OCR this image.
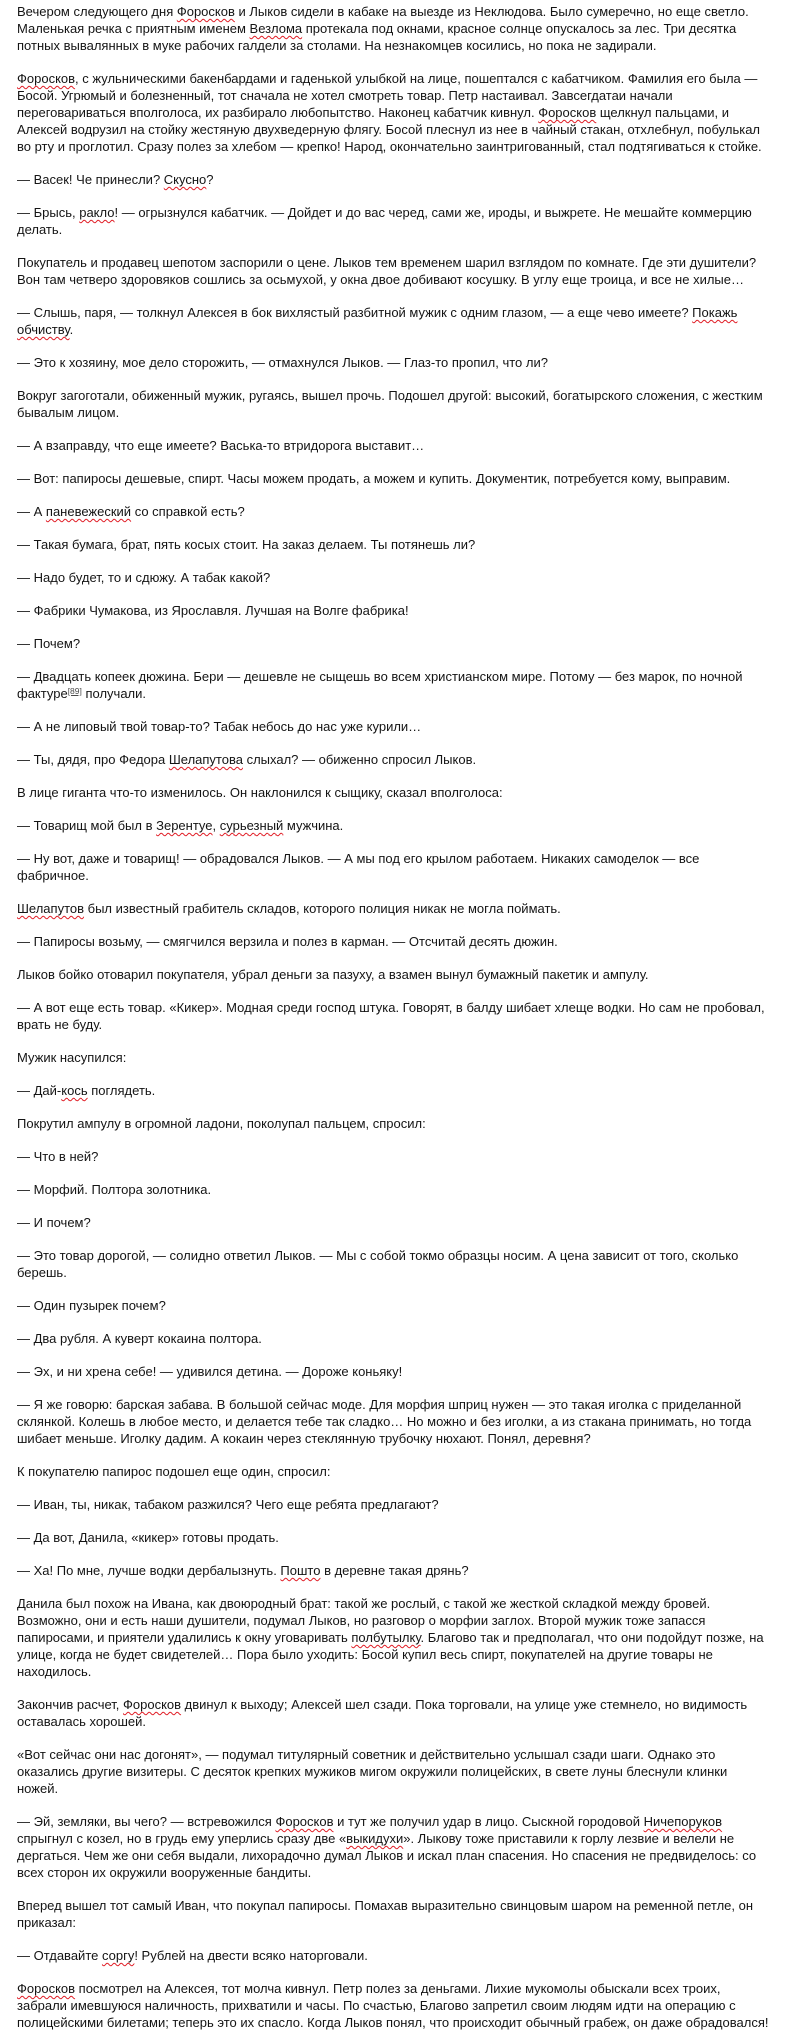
Вечером следующего дня Форосков и Лыков сидели в кабаке на выезде из Неклюдова. Было сумеречно, но еще светло. Маленькая речка с приятным именем Везлома протекала под окнами, красное солнце опускалось за лес. Три десятка потных вывалянных в муке рабочих галдели за столами. На незнакомцев косились, но пока не задирали.

Форосков, с жульническими бакенбардами и гаденькой улыбкой на лице, пошептался с кабатчиком. Фамилия его была — Босой. Угрюмый и болезненный, тот сначала не хотел смотреть товар. Петр настаивал. Завсегдатаи начали переговариваться вполголоса, их разбирало любопытство. Наконец кабатчик кивнул. Форосков щелкнул пальцами, и Алексей водрузил на стойку жестяную двухведерную флягу. Босой плеснул из нее в чайный стакан, отхлебнул, побулькал во рту и проглотил. Сразу полез за хлебом — крепко! Народ, окончательно заинтригованный, стал подтягиваться к стойке.

— Васек! Че принесли? Скусно?

— Брысь, ракло! — огрызнулся кабатчик. — Дойдет и до вас черед, сами же, ироды, и выжрете. Не мешайте коммерцию делать.

Покупатель и продавец шепотом заспорили о цене. Лыков тем временем шарил взглядом по комнате. Где эти душители? Вон там четверо здоровяков сошлись за осьмухой, у окна двое добивают косушку. В углу еще троица, и все не хилые…

— Слышь, паря, — толкнул Алексея в бок вихлястый разбитной мужик с одним глазом, — а еще чево имеете? Покажь обчиству.

— Это к хозяину, мое дело сторожить, — отмахнулся Лыков. — Глаз-то пропил, что ли?

Вокруг загоготали, обиженный мужик, ругаясь, вышел прочь. Подошел другой: высокий, богатырского сложения, с жестким бывалым лицом.

— А взаправду, что еще имеете? Васька-то втридорога выставит…

— Вот: папиросы дешевые, спирт. Часы можем продать, а можем и купить. Документик, потребуется кому, выправим.

— А паневежеский со справкой есть?

— Такая бумага, брат, пять косых стоит. На заказ делаем. Ты потянешь ли?

— Надо будет, то и сдюжу. А табак какой?

— Фабрики Чумакова, из Ярославля. Лучшая на Волге фабрика!

— Почем?

— Двадцать копеек дюжина. Бери — дешевле не сыщешь во всем христианском мире. Потому — без марок, по ночной фактуре[89] получали.

— А не липовый твой товар-то? Табак небось до нас уже курили…

— Ты, дядя, про Федора Шелапутова слыхал? — обиженно спросил Лыков.

В лице гиганта что-то изменилось. Он наклонился к сыщику, сказал вполголоса:

— Товарищ мой был в Зерентуе, сурьезный мужчина.

— Ну вот, даже и товарищ! — обрадовался Лыков. — А мы под его крылом работаем. Никаких самоделок — все фабричное.

Шелапутов был известный грабитель складов, которого полиция никак не могла поймать.

— Папиросы возьму, — смягчился верзила и полез в карман. — Отсчитай десять дюжин.

Лыков бойко отоварил покупателя, убрал деньги за пазуху, а взамен вынул бумажный пакетик и ампулу.

— А вот еще есть товар. «Кикер». Модная среди господ штука. Говорят, в балду шибает хлеще водки. Но сам не пробовал, врать не буду.

Мужик насупился:

— Дай-кось поглядеть.

Покрутил ампулу в огромной ладони, поколупал пальцем, спросил:

— Что в ней?

— Морфий. Полтора золотника.

— И почем?

— Это товар дорогой, — солидно ответил Лыков. — Мы с собой токмо образцы носим. А цена зависит от того, сколько берешь.

— Один пузырек почем?

— Два рубля. А куверт кокаина полтора.

— Эх, и ни хрена себе! — удивился детина. — Дороже коньяку!

— Я же говорю: барская забава. В большой сейчас моде. Для морфия шприц нужен — это такая иголка с приделанной склянкой. Колешь в любое место, и делается тебе так сладко… Но можно и без иголки, а из стакана принимать, но тогда шибает меньше. Иголку дадим. А кокаин через стеклянную трубочку нюхают. Понял, деревня?

К покупателю папирос подошел еще один, спросил:

— Иван, ты, никак, табаком разжился? Чего еще ребята предлагают?

— Да вот, Данила, «кикер» готовы продать.

— Ха! По мне, лучше водки дербалызнуть. Пошто в деревне такая дрянь?

Данила был похож на Ивана, как двоюродный брат: такой же рослый, с такой же жесткой складкой между бровей. Возможно, они и есть наши душители, подумал Лыков, но разговор о морфии заглох. Второй мужик тоже запасся папиросами, и приятели удалились к окну уговаривать полбутылку. Благово так и предполагал, что они подойдут позже, на улице, когда не будет свидетелей… Пора было уходить: Босой купил весь спирт, покупателей на другие товары не находилось.

Закончив расчет, Форосков двинул к выходу; Алексей шел сзади. Пока торговали, на улице уже стемнело, но видимость оставалась хорошей.

«Вот сейчас они нас догонят», — подумал титулярный советник и действительно услышал сзади шаги. Однако это оказались другие визитеры. С десяток крепких мужиков мигом окружили полицейских, в свете луны блеснули клинки ножей.

— Эй, земляки, вы чего? — встревожился Форосков и тут же получил удар в лицо. Сыскной городовой Ничепоруков спрыгнул с козел, но в грудь ему уперлись сразу две «выкидухи». Лыкову тоже приставили к горлу лезвие и велели не дергаться. Чем же они себя выдали, лихорадочно думал Лыков и искал план спасения. Но спасения не предвиделось: со всех сторон их окружили вооруженные бандиты.

Вперед вышел тот самый Иван, что покупал папиросы. Помахав выразительно свинцовым шаром на ременной петле, он приказал:

— Отдавайте соргу! Рублей на двести всяко наторговали.

Форосков посмотрел на Алексея, тот молча кивнул. Петр полез за деньгами. Лихие мукомолы обыскали всех троих, забрали имевшуюся наличность, прихватили и часы. По счастью, Благово запретил своим людям идти на операцию с полицейскими билетами; теперь это их спасло. Когда Лыков понял, что происходит обычный грабеж, он даже обрадовался!
